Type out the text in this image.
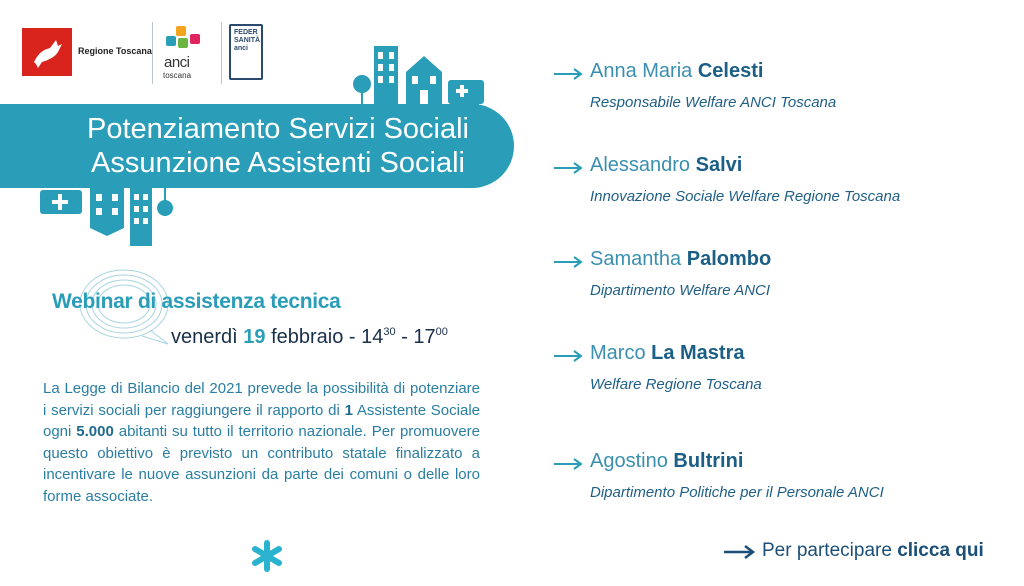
Regione Toscana
anci
toscana
FEDER SANITÀ anci
Potenziamento Servizi Sociali
Assunzione Assistenti Sociali
Webinar di assistenza tecnica
venerdì 19 febbraio - $14^{30} - 17^{00}$
La Legge di Bilancio del 2021 prevede la possibilità di potenziare i servizi sociali per raggiungere il rapporto di 1 Assistente Sociale ogni 5.000 abitanti su tutto il territorio nazionale. Per promuovere questo obiettivo è previsto un contributo statale finalizzato a incentivare le nuove assunzioni da parte dei comuni o delle loro forme associate.
Anna Maria Celesti
Responsabile Welfare ANCI Toscana
Alessandro Salvi
Innovazione Sociale Welfare Regione Toscana
Samantha Palombo
Dipartimento Welfare ANCI
Marco La Mastra
Welfare Regione Toscana
Agostino Bultrini
Dipartimento Politiche per il Personale ANCI
Per partecipare clicca qui
